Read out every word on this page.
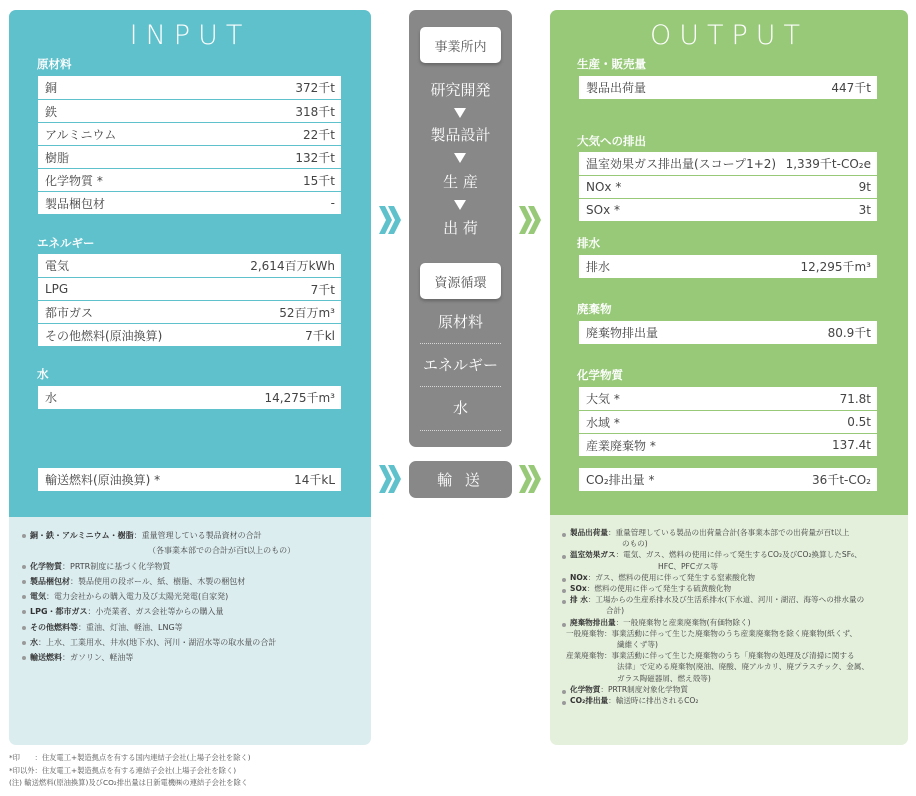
INPUT
原材料
銅	372千t
鉄	318千t
アルミニウム	22千t
樹脂	132千t
化学物質 *	15千t
製品梱包材	-
エネルギー
電気	2,614百万kWh
LPG	7千t
都市ガス	52百万m³
その他燃料(原油換算)	7千kl
水
水	14,275千m³
輸送燃料(原油換算) *	14千kL
銅・鉄・アルミニウム・樹脂：重量管理している製品資材の合計
（各事業本部での合計が百t以上のもの）
化学物質：PRTR制度に基づく化学物質
製品梱包材：製品使用の段ボール、紙、樹脂、木製の梱包材
電気：電力会社からの購入電力及び太陽光発電(自家発)
LPG・都市ガス：小売業者、ガス会社等からの購入量
その他燃料等：重油、灯油、軽油、LNG等
水：上水、工業用水、井水(地下水)、河川・湖沼水等の取水量の合計
輸送燃料：ガソリン、軽油等
事業所内
研究開発
製品設計
生 産
出 荷
資源循環
原材料
エネルギー
水
輸 送
OUTPUT
生産・販売量
製品出荷量	447千t
大気への排出
温室効果ガス排出量(スコープ1+2) 1,339千t-CO₂e
NOx *	9t
SOx *	3t
排水
排水	12,295千m³
廃棄物
廃棄物排出量	80.9千t
化学物質
大気 *	71.8t
水域 *	0.5t
産業廃棄物 *	137.4t
CO₂排出量 *	36千t-CO₂
製品出荷量：重量管理している製品の出荷量合計(各事業本部での出荷量が百t以上
のもの)
温室効果ガス：電気、ガス、燃料の使用に伴って発生するCO₂及びCO₂換算したSF₆、
HFC、PFCガス等
NOx：ガス、燃料の使用に伴って発生する窒素酸化物
SOx：燃料の使用に伴って発生する硫黄酸化物
排 水：工場からの生産系排水及び生活系排水(下水道、河川・湖沼、海等への排水量の
合計)
廃棄物排出量：一般廃棄物と産業廃棄物(有価物除く)
一般廃棄物：事業活動に伴って生じた廃棄物のうち産業廃棄物を除く廃棄物(紙くず、
繊維くず等)
産業廃棄物：事業活動に伴って生じた廃棄物のうち「廃棄物の処理及び清掃に関する
法律」で定める廃棄物(廃油、廃酸、廃アルカリ、廃プラスチック、金属、
ガラス陶磁器屑、燃え殻等)
化学物質：PRTR制度対象化学物質
CO₂排出量：輸送時に排出されるCO₂
*印　　：住友電工+製造拠点を有する国内連結子会社(上場子会社を除く)
*印以外：住友電工+製造拠点を有する連結子会社(上場子会社を除く)
(注) 輸送燃料(原油換算)及びCO₂排出量は日新電機㈱の連結子会社を除く
